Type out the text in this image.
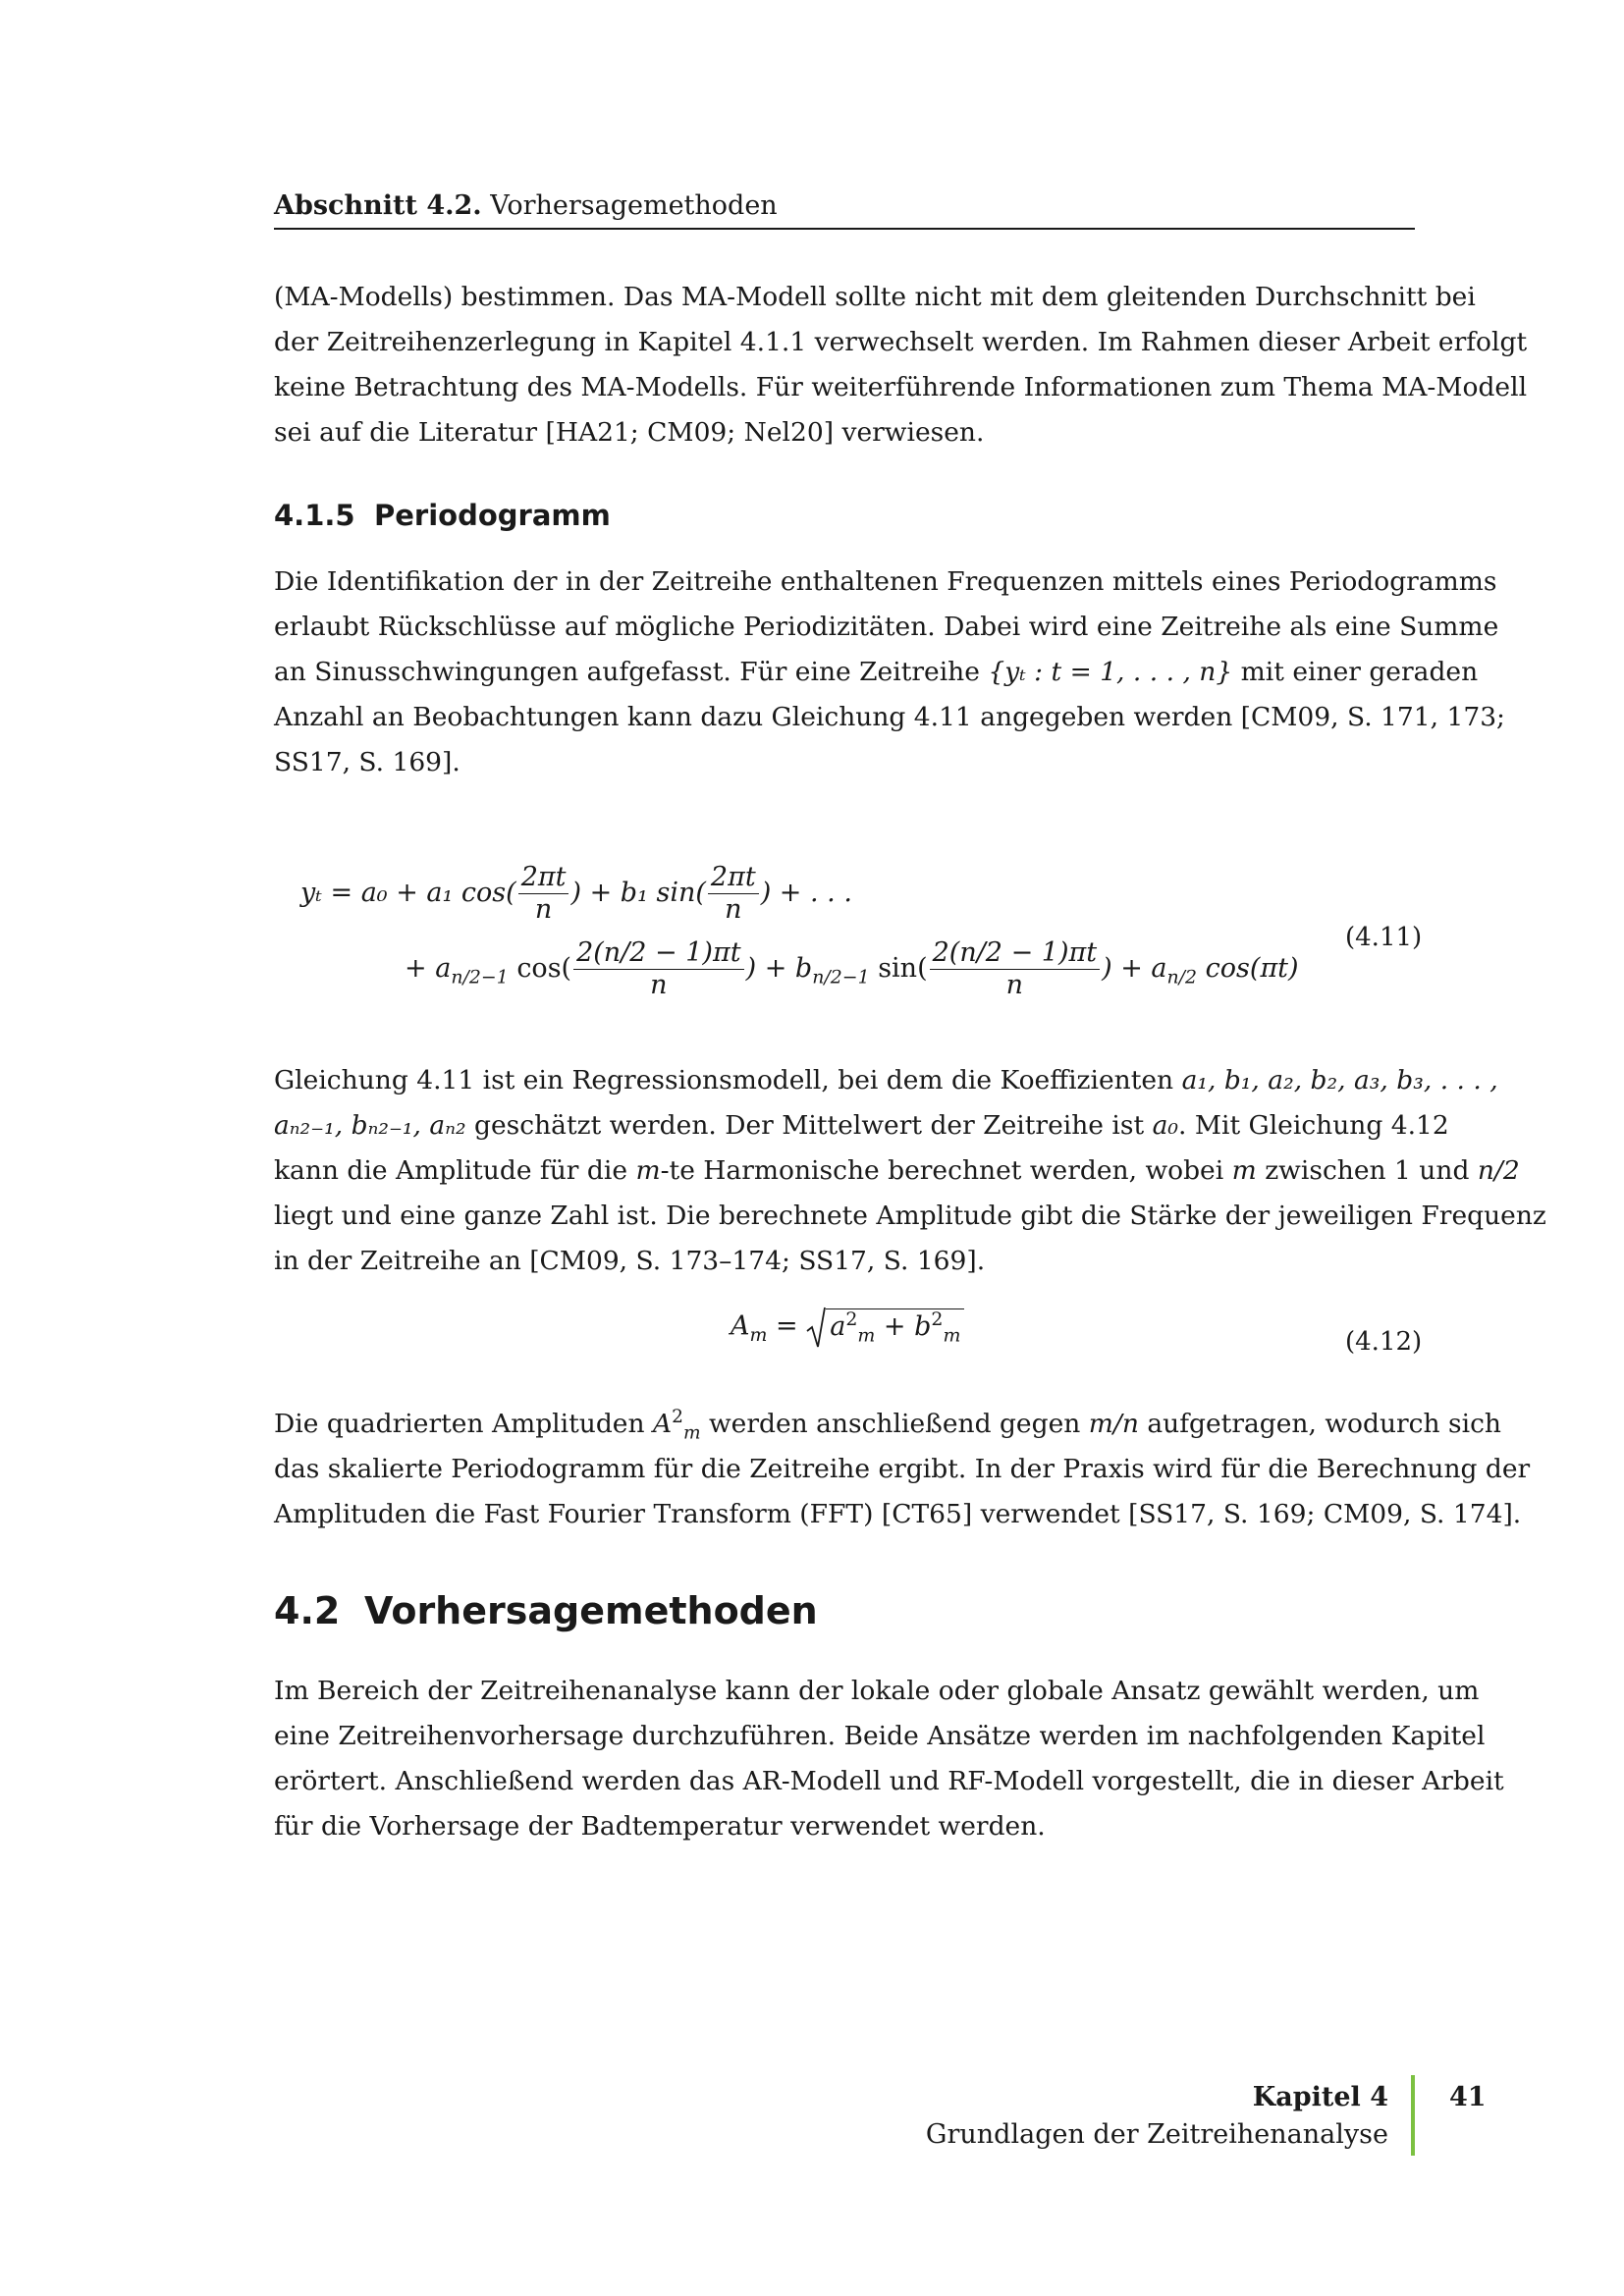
Abschnitt 4.2. Vorhersagemethoden
(MA-Modells) bestimmen. Das MA-Modell sollte nicht mit dem gleitenden Durchschnitt bei
der Zeitreihenzerlegung in Kapitel 4.1.1 verwechselt werden. Im Rahmen dieser Arbeit erfolgt
keine Betrachtung des MA-Modells. Für weiterführende Informationen zum Thema MA-Modell
sei auf die Literatur [HA21; CM09; Nel20] verwiesen.
4.1.5 Periodogramm
Die Identifikation der in der Zeitreihe enthaltenen Frequenzen mittels eines Periodogramms
erlaubt Rückschlüsse auf mögliche Periodizitäten. Dabei wird eine Zeitreihe als eine Summe
an Sinusschwingungen aufgefasst. Für eine Zeitreihe {yₜ : t = 1, . . . , n} mit einer geraden
Anzahl an Beobachtungen kann dazu Gleichung 4.11 angegeben werden [CM09, S. 171, 173;
SS17, S. 169].
yₜ = a₀ + a₁ $\cos( \frac{2\pi t}{n}$ ) + b₁ $\sin( \frac{2\pi t}{n}$ ) + . . .
+ $a_{n/2-1}$ $\cos( \frac{2(n/2 - 1)\pi t}{n}$ ) + $b_{n/2-1}$ $\sin( \frac{2(n/2 - 1)\pi t}{n}$ ) + $a_{n/2}$ cos(πt)
(4.11)
Gleichung 4.11 ist ein Regressionsmodell, bei dem die Koeffizienten a₁, b₁, a₂, b₂, a₃, b₃, . . . ,
aₙ₂₋₁, bₙ₂₋₁, aₙ₂ geschätzt werden. Der Mittelwert der Zeitreihe ist a₀. Mit Gleichung 4.12
kann die Amplitude für die m-te Harmonische berechnet werden, wobei m zwischen 1 und n/2
liegt und eine ganze Zahl ist. Die berechnete Amplitude gibt die Stärke der jeweiligen Frequenz
in der Zeitreihe an [CM09, S. 173–174; SS17, S. 169].
$A_m = a^2_m + b^2_m$	(4.12)
Die quadrierten Amplituden $A^2_m$ werden anschließend gegen m/n aufgetragen, wodurch sich
das skalierte Periodogramm für die Zeitreihe ergibt. In der Praxis wird für die Berechnung der
Amplituden die Fast Fourier Transform (FFT) [CT65] verwendet [SS17, S. 169; CM09, S. 174].
4.2 Vorhersagemethoden
Im Bereich der Zeitreihenanalyse kann der lokale oder globale Ansatz gewählt werden, um
eine Zeitreihenvorhersage durchzuführen. Beide Ansätze werden im nachfolgenden Kapitel
erörtert. Anschließend werden das AR-Modell und RF-Modell vorgestellt, die in dieser Arbeit
für die Vorhersage der Badtemperatur verwendet werden.
Kapitel 4
Grundlagen der Zeitreihenanalyse
41
